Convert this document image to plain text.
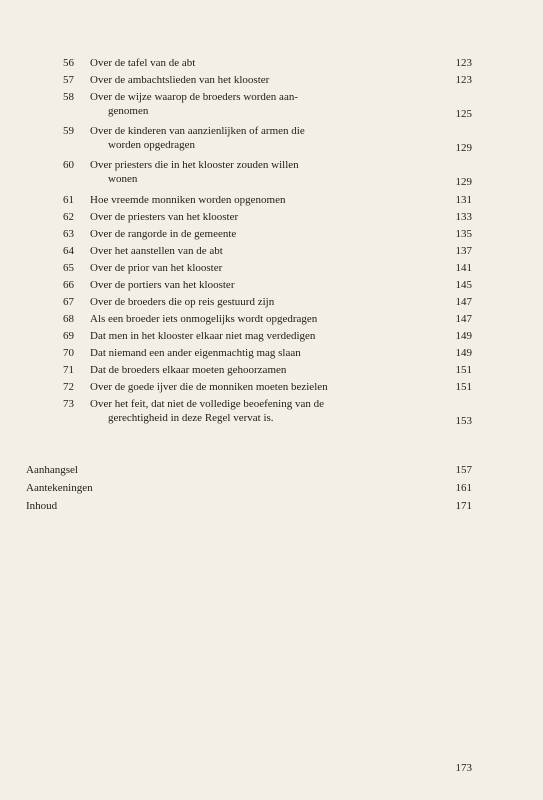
56 Over de tafel van de abt	123
57 Over de ambachtslieden van het klooster	123
58 Over de wijze waarop de broeders worden aan-
genomen	125
59 Over de kinderen van aanzienlijken of armen die
worden opgedragen	129
60 Over priesters die in het klooster zouden willen
wonen	129
61 Hoe vreemde monniken worden opgenomen	131
62 Over de priesters van het klooster	133
63 Over de rangorde in de gemeente	135
64 Over het aanstellen van de abt	137
65 Over de prior van het klooster	141
66 Over de portiers van het klooster	145
67 Over de broeders die op reis gestuurd zijn	147
68 Als een broeder iets onmogelijks wordt opgedragen	147
69 Dat men in het klooster elkaar niet mag verdedigen	149
70 Dat niemand een ander eigenmachtig mag slaan	149
71 Dat de broeders elkaar moeten gehoorzamen	151
72 Over de goede ijver die de monniken moeten bezielen	151
73 Over het feit, dat niet de volledige beoefening van de
gerechtigheid in deze Regel vervat is.	153
Aanhangsel	157
Aantekeningen	161
Inhoud	171
173
